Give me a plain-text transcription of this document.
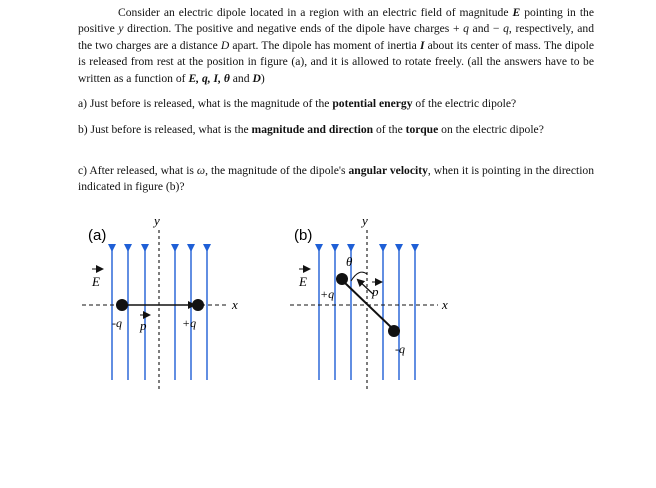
Consider an electric dipole located in a region with an electric field of magnitude E pointing in the positive y direction. The positive and negative ends of the dipole have charges + q and − q, respectively, and the two charges are a distance D apart. The dipole has moment of inertia I about its center of mass. The dipole is released from rest at the position in figure (a), and it is allowed to rotate freely. (all the answers have to be written as a function of E, q, I, θ and D)
a) Just before is released, what is the magnitude of the potential energy of the electric dipole?
b) Just before is released, what is the magnitude and direction of the torque on the electric dipole?
c) After released, what is ω, the magnitude of the dipole's angular velocity, when it is pointing in the direction indicated in figure (b)?
(a)
y
x
E
-q	+q
p
(b)
y
x
E
θ
+q	p
-q
